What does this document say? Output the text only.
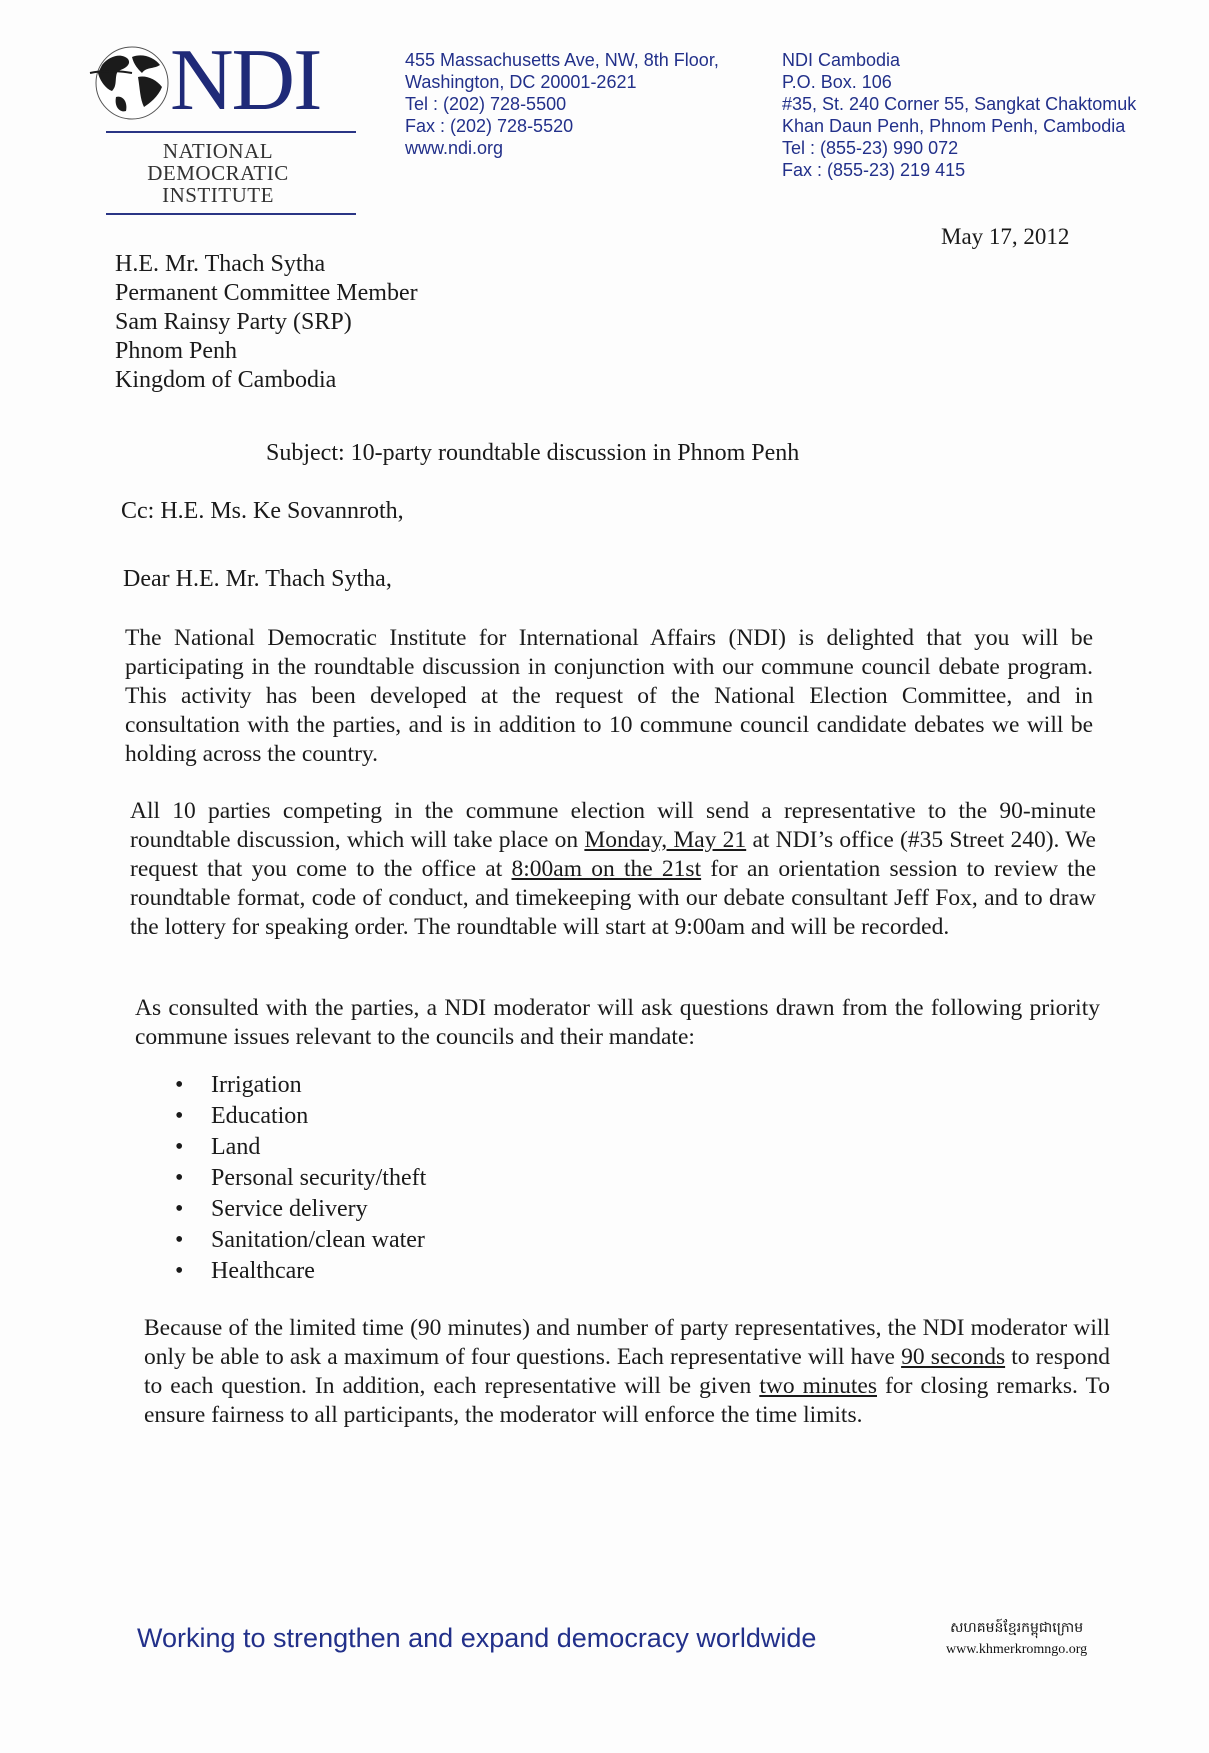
NDI
NATIONAL
DEMOCRATIC
INSTITUTE
455 Massachusetts Ave, NW, 8th Floor,
Washington, DC 20001-2621
Tel : (202) 728-5500
Fax : (202) 728-5520
www.ndi.org
NDI Cambodia
P.O. Box. 106
#35, St. 240 Corner 55, Sangkat Chaktomuk
Khan Daun Penh, Phnom Penh, Cambodia
Tel : (855-23) 990 072
Fax : (855-23) 219 415
May 17, 2012
H.E. Mr. Thach Sytha
Permanent Committee Member
Sam Rainsy Party (SRP)
Phnom Penh
Kingdom of Cambodia
Subject: 10-party roundtable discussion in Phnom Penh
Cc: H.E. Ms. Ke Sovannroth,
Dear H.E. Mr. Thach Sytha,
The National Democratic Institute for International Affairs (NDI) is delighted that you will be participating in the roundtable discussion in conjunction with our commune council debate program. This activity has been developed at the request of the National Election Committee, and in consultation with the parties, and is in addition to 10 commune council candidate debates we will be holding across the country.
All 10 parties competing in the commune election will send a representative to the 90-minute roundtable discussion, which will take place on Monday, May 21 at NDI’s office (#35 Street 240). We request that you come to the office at 8:00am on the 21st for an orientation session to review the roundtable format, code of conduct, and timekeeping with our debate consultant Jeff Fox, and to draw the lottery for speaking order. The roundtable will start at 9:00am and will be recorded.
As consulted with the parties, a NDI moderator will ask questions drawn from the following priority commune issues relevant to the councils and their mandate:
• Irrigation
• Education
• Land
• Personal security/theft
• Service delivery
• Sanitation/clean water
• Healthcare
Because of the limited time (90 minutes) and number of party representatives, the NDI moderator will only be able to ask a maximum of four questions. Each representative will have 90 seconds to respond to each question. In addition, each representative will be given two minutes for closing remarks. To ensure fairness to all participants, the moderator will enforce the time limits.
Working to strengthen and expand democracy worldwide	សហគមន៍ខ្មែរកម្ពុជាក្រោម
www.khmerkromngo.org
